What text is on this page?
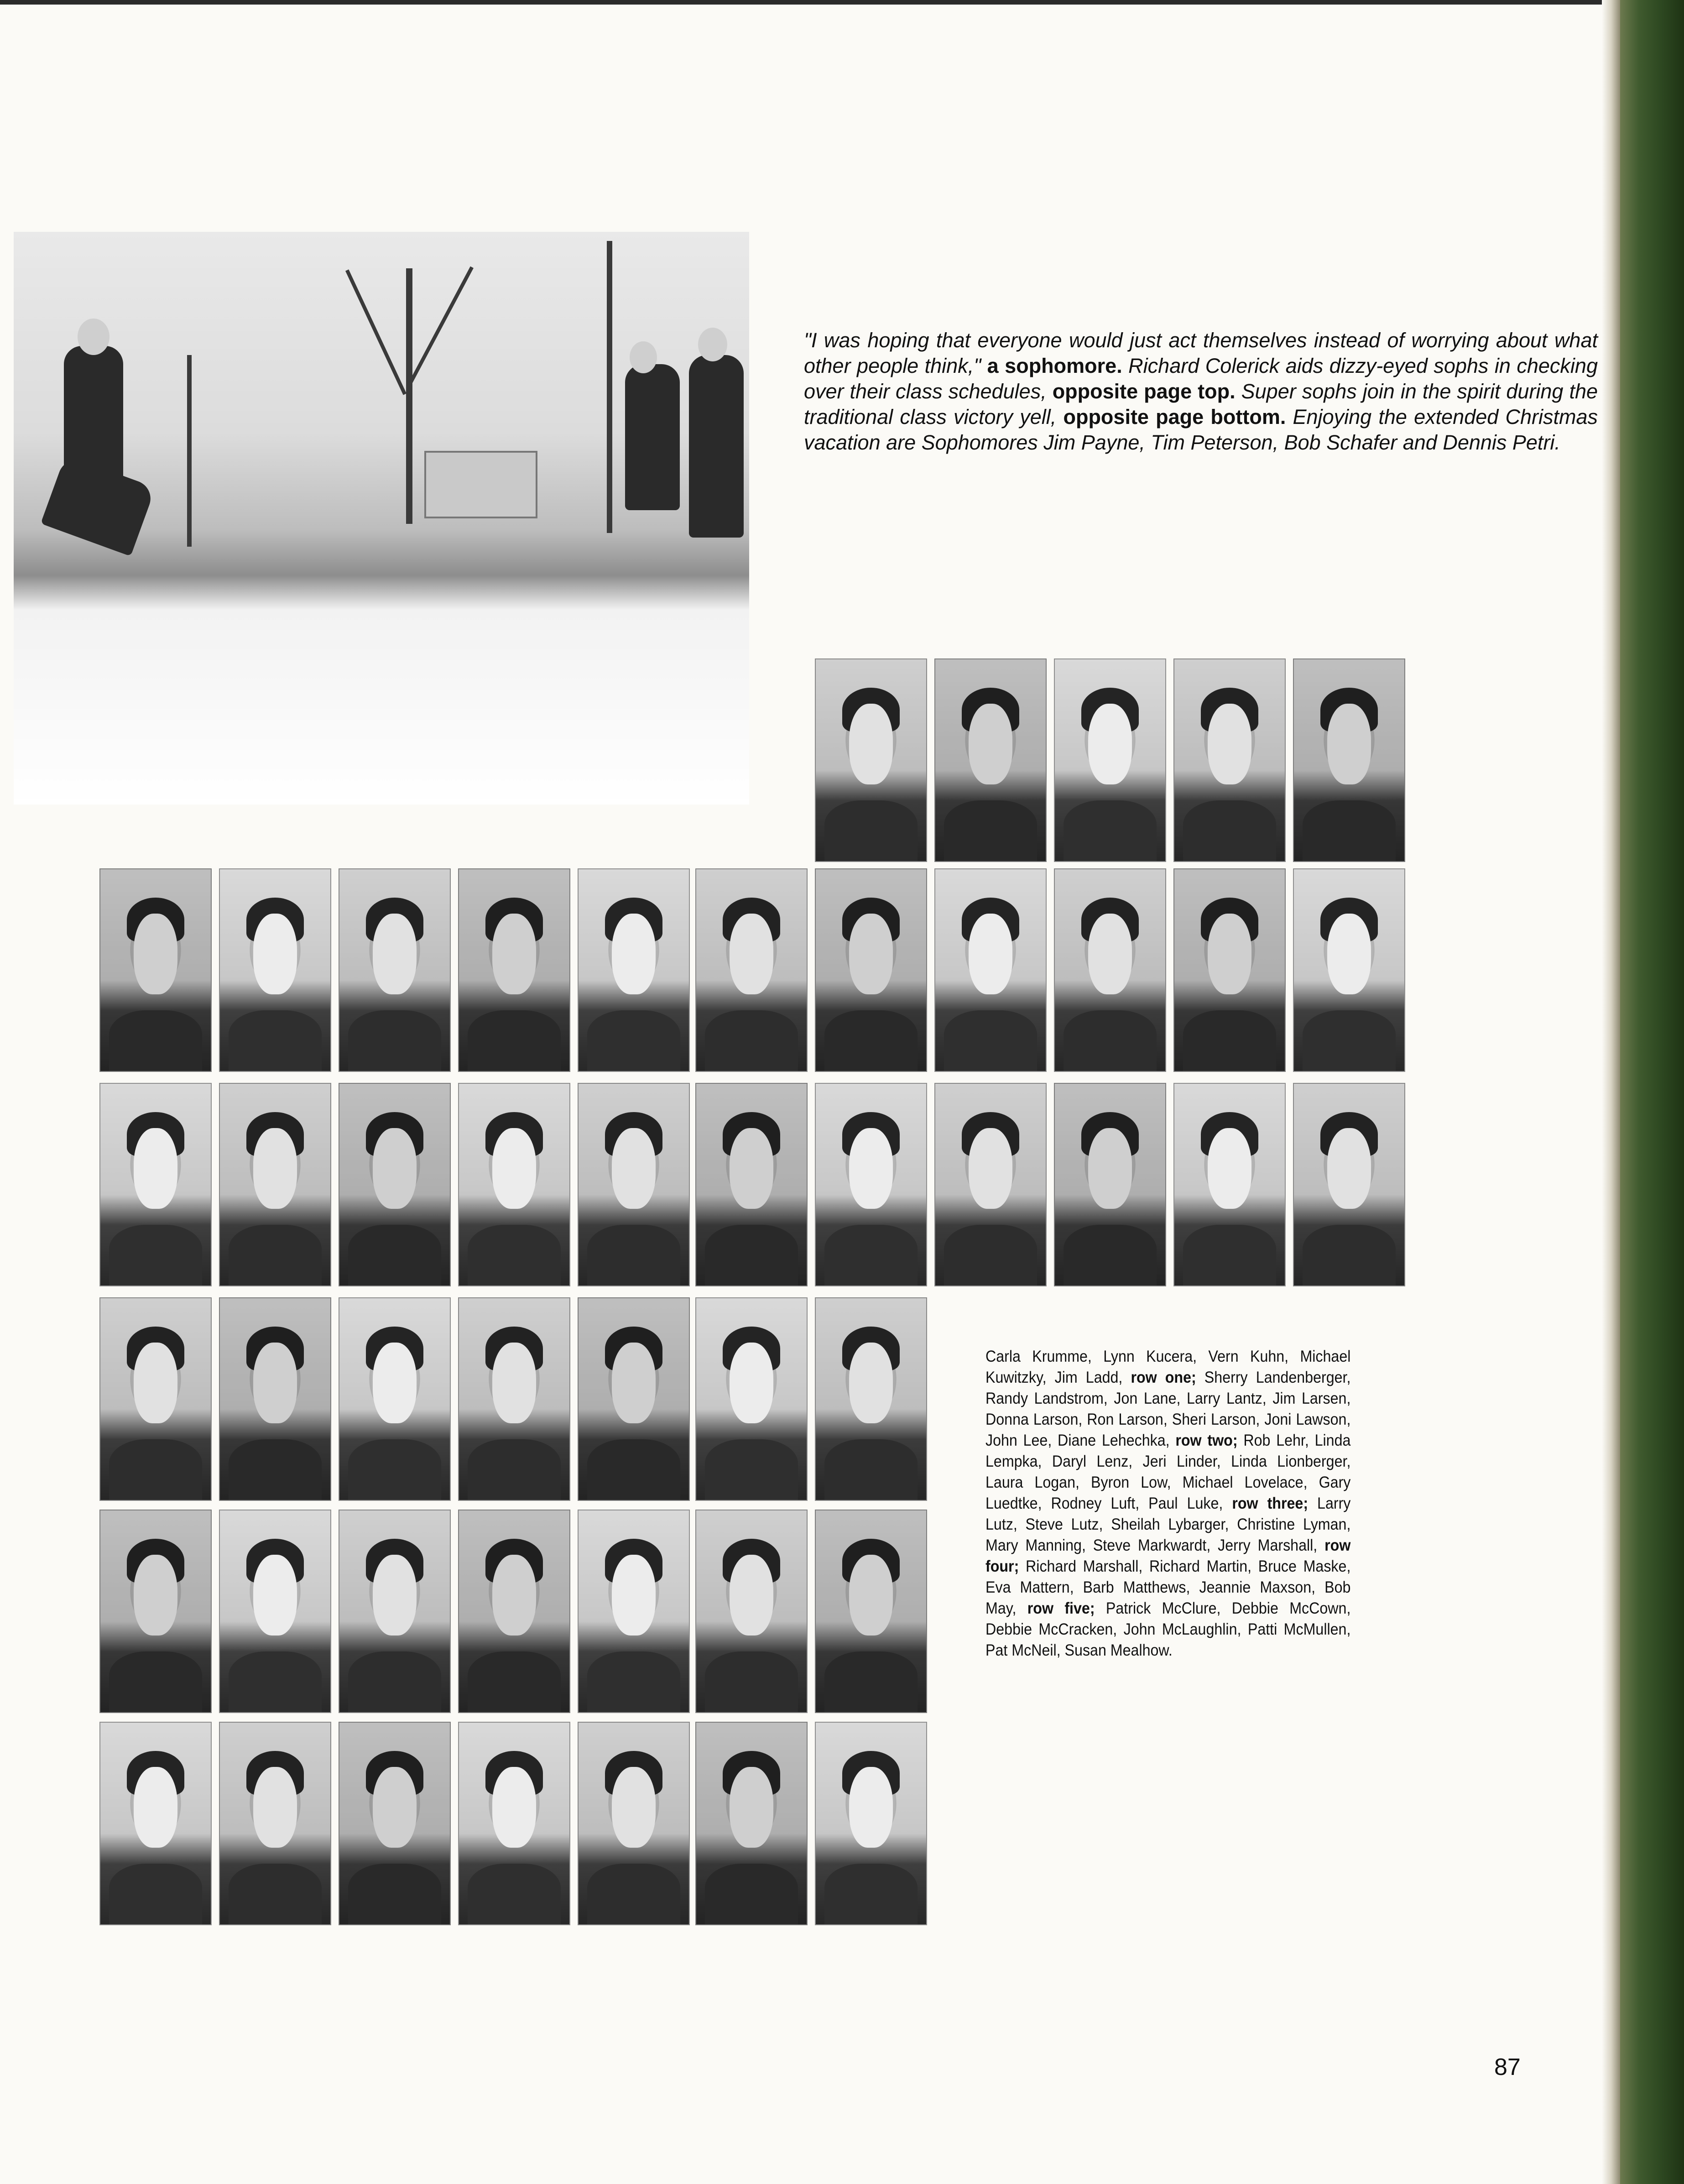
"I was hoping that everyone would just act themselves instead of worrying about what other people think," a sophomore. Richard Colerick aids dizzy-eyed sophs in checking over their class schedules, opposite page top. Super sophs join in the spirit during the traditional class victory yell, opposite page bottom. Enjoying the extended Christmas vacation are Sophomores Jim Payne, Tim Peterson, Bob Schafer and Dennis Petri.
Carla Krumme, Lynn Kucera, Vern Kuhn, Michael Kuwitzky, Jim Ladd, row one; Sherry Landenberger, Randy Landstrom, Jon Lane, Larry Lantz, Jim Larsen, Donna Larson, Ron Larson, Sheri Larson, Joni Lawson, John Lee, Diane Lehechka, row two; Rob Lehr, Linda Lempka, Daryl Lenz, Jeri Linder, Linda Lionberger, Laura Logan, Byron Low, Michael Lovelace, Gary Luedtke, Rodney Luft, Paul Luke, row three; Larry Lutz, Steve Lutz, Sheilah Lybarger, Christine Lyman, Mary Manning, Steve Markwardt, Jerry Marshall, row four; Richard Marshall, Richard Martin, Bruce Maske, Eva Mattern, Barb Matthews, Jeannie Maxson, Bob May, row five; Patrick McClure, Debbie McCown, Debbie McCracken, John McLaughlin, Patti McMullen, Pat McNeil, Susan Mealhow.
87
